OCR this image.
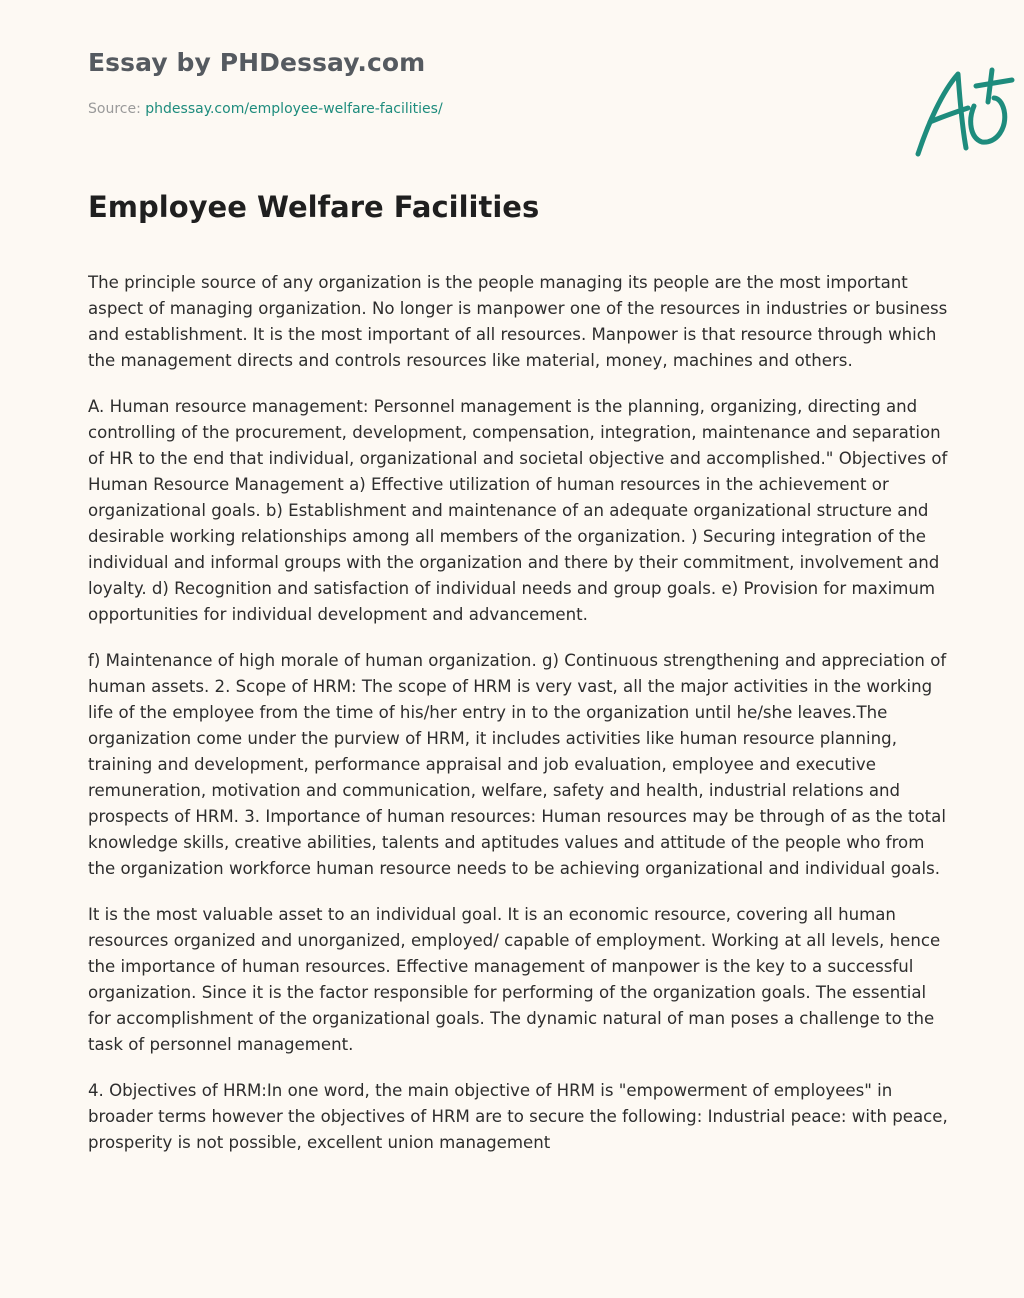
Essay by PHDessay.com
Source: phdessay.com/employee-welfare-facilities/
Employee Welfare Facilities

The principle source of any organization is the people managing its people are the most important aspect of managing organization. No longer is manpower one of the resources in industries or business and establishment. It is the most important of all resources. Manpower is that resource through which the management directs and controls resources like material, money, machines and others.

A. Human resource management: Personnel management is the planning, organizing, directing and controlling of the procurement, development, compensation, integration, maintenance and separation of HR to the end that individual, organizational and societal objective and accomplished." Objectives of Human Resource Management a) Effective utilization of human resources in the achievement or organizational goals. b) Establishment and maintenance of an adequate organizational structure and desirable working relationships among all members of the organization. ) Securing integration of the individual and informal groups with the organization and there by their commitment, involvement and loyalty. d) Recognition and satisfaction of individual needs and group goals. e) Provision for maximum opportunities for individual development and advancement.

f) Maintenance of high morale of human organization. g) Continuous strengthening and appreciation of human assets. 2. Scope of HRM: The scope of HRM is very vast, all the major activities in the working life of the employee from the time of his/her entry in to the organization until he/she leaves.The organization come under the purview of HRM, it includes activities like human resource planning, training and development, performance appraisal and job evaluation, employee and executive remuneration, motivation and communication, welfare, safety and health, industrial relations and prospects of HRM. 3. Importance of human resources: Human resources may be through of as the total knowledge skills, creative abilities, talents and aptitudes values and attitude of the people who from the organization workforce human resource needs to be achieving organizational and individual goals.

It is the most valuable asset to an individual goal. It is an economic resource, covering all human resources organized and unorganized, employed/ capable of employment. Working at all levels, hence the importance of human resources. Effective management of manpower is the key to a successful organization. Since it is the factor responsible for performing of the organization goals. The essential for accomplishment of the organizational goals. The dynamic natural of man poses a challenge to the task of personnel management.

4. Objectives of HRM:In one word, the main objective of HRM is "empowerment of employees" in broader terms however the objectives of HRM are to secure the following: Industrial peace: with peace, prosperity is not possible, excellent union management
